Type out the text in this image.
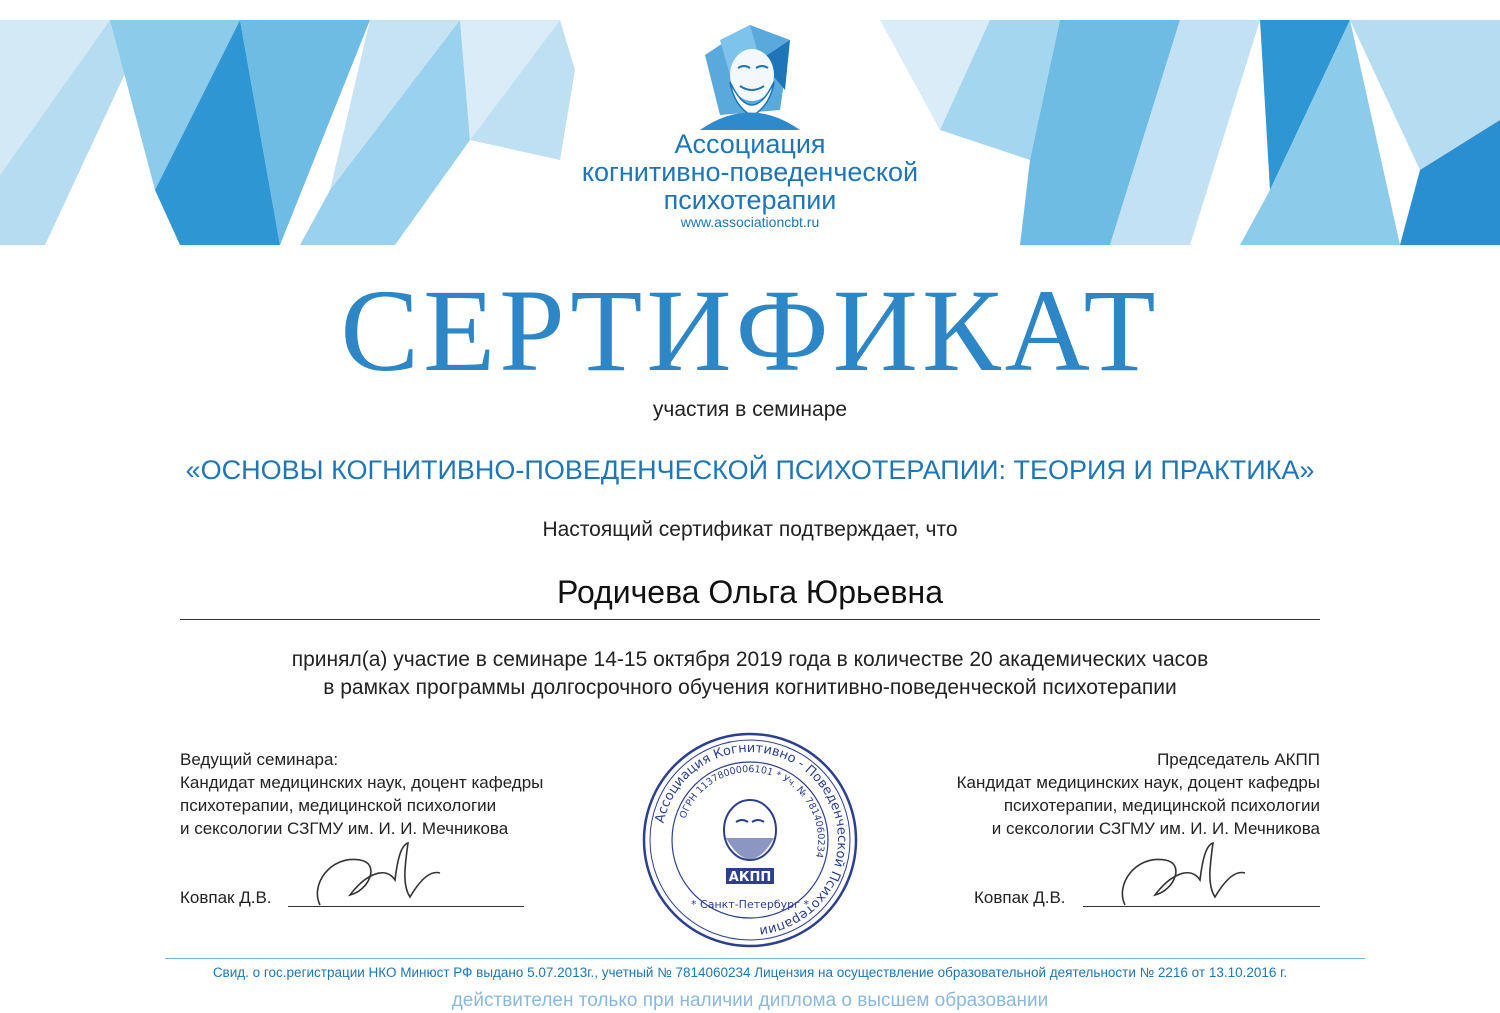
Ассоциация
когнитивно-поведенческой
психотерапии
www.associationcbt.ru
СЕРТИФИКАТ
участия в семинаре
«ОСНОВЫ КОГНИТИВНО-ПОВЕДЕНЧЕСКОЙ ПСИХОТЕРАПИИ: ТЕОРИЯ И ПРАКТИКА»
Настоящий сертификат подтверждает, что
Родичева Ольга Юрьевна
принял(а) участие в семинаре 14-15 октября 2019 года в количестве 20 академических часов
в рамках программы долгосрочного обучения когнитивно-поведенческой психотерапии
Ведущий семинара:
Кандидат медицинских наук, доцент кафедры
психотерапии, медицинской психологии
и сексологии СЗГМУ им. И. И. Мечникова
Ковпак Д.В.
Председатель АКПП
Кандидат медицинских наук, доцент кафедры
психотерапии, медицинской психологии
и сексологии СЗГМУ им. И. И. Мечникова
Ковпак Д.В.
Ассоциация Когнитивно - Поведенческой Психотерапии
ОГРН 1137800006101 * Уч. № 7814060234
АКПП
* Санкт-Петербург *
Свид. о гос.регистрации НКО Минюст РФ выдано 5.07.2013г., учетный № 7814060234 Лицензия на осуществление образовательной деятельности № 2216 от 13.10.2016 г.
действителен только при наличии диплома о высшем образовании
